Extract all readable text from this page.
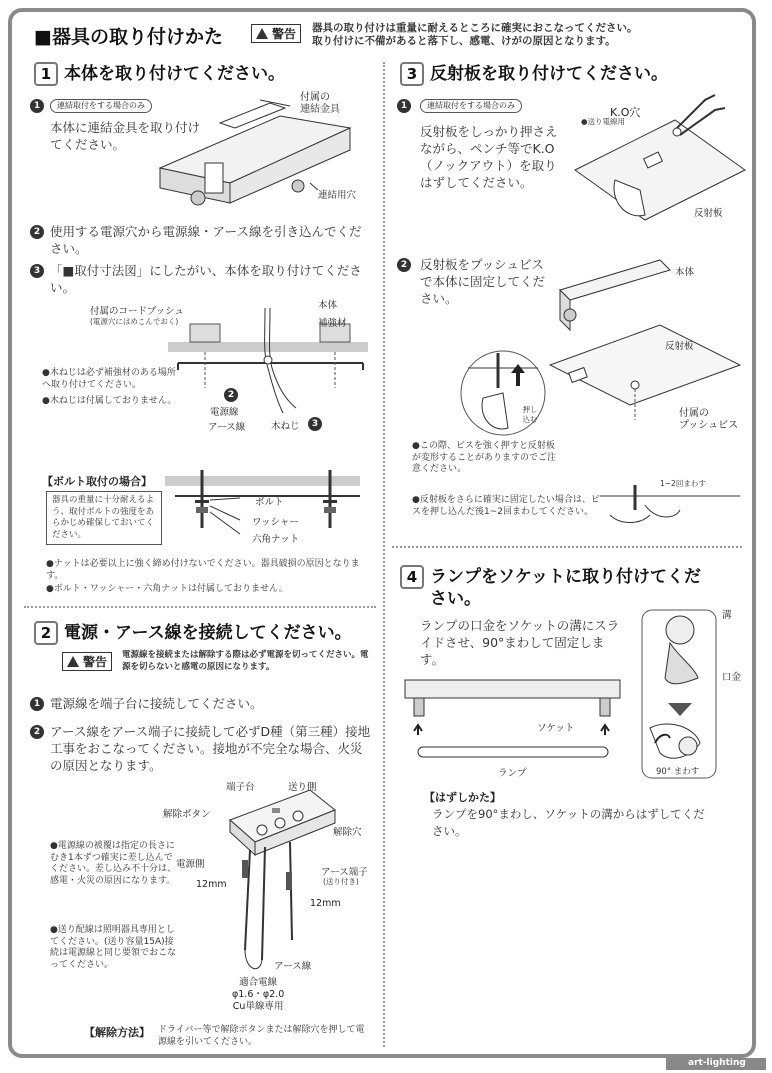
■器具の取り付けかた	警告 器具の取り付けは重量に耐えるところに確実におこなってください。
取り付けに不備があると落下し、感電、けがの原因となります。
1 本体を取り付けてください。
1	連結取付をする場合のみ
本体に連結金具を取り付けてください。
付属の
連結金具
連結用穴
2 使用する電源穴から電源線・アース線を引き込んでください。
3 「■取付寸法図」にしたがい、本体を取り付けてください。
付属のコードブッシュ
(電源穴にはめこんでおく)
本体
補強材
●木ねじは必ず補強材のある場所へ取り付けてください。
●木ねじは付属しておりません。
2
電源線
アース線	木ねじ	3
【ボルト取付の場合】
器具の重量に十分耐えるよう、取付ボルトの強度をあらかじめ確保しておいてください。
ボルト
ワッシャー
六角ナット
●ナットは必要以上に強く締め付けないでください。器具破損の原因となります。
●ボルト・ワッシャー・六角ナットは付属しておりません。
2 電源・アース線を接続してください。
警告 電源線を接続または解除する際は必ず電源を切ってください。電源を切らないと感電の原因になります。
1 電源線を端子台に接続してください。
2 アース線をアース端子に接続して必ずD種（第三種）接地工事をおこなってください。接地が不完全な場合、火災の原因となります。
端子台	送り側
解除ボタン
解除穴
電源側
アース端子
(送り付き)
12mm
12mm
アース線
適合電線
φ1.6・φ2.0
Cu単線専用
●電源線の被覆は指定の長さにむき1本ずつ確実に差し込んでください。差し込み不十分は、感電・火災の原因になります。
●送り配線は照明器具専用としてください。(送り容量15A)接続は電源線と同じ要領でおこなってください。
【解除方法】 ドライバー等で解除ボタンまたは解除穴を押して電源線を引いてください。
3 反射板を取り付けてください。
1	連結取付をする場合のみ
反射板をしっかり押さえながら、ペンチ等でK.O（ノックアウト）を取りはずしてください。
K.O穴
●送り電線用
反射板
2	反射板をプッシュビスで本体に固定してください。
本体
反射板
押し込む
付属の
プッシュビス
●この際、ビスを強く押すと反射板が変形することがありますのでご注意ください。
●反射板をさらに確実に固定したい場合は、ビスを押し込んだ後1~2回まわしてください。
1~2回まわす
4 ランプをソケットに取り付けてくだ
さい。
ランプの口金をソケットの溝にスライドさせ、90°まわして固定します。
ソケット
ランプ
溝
口金
90° まわす
【はずしかた】
ランプを90°まわし、ソケットの溝からはずしてください。
art-lighting
